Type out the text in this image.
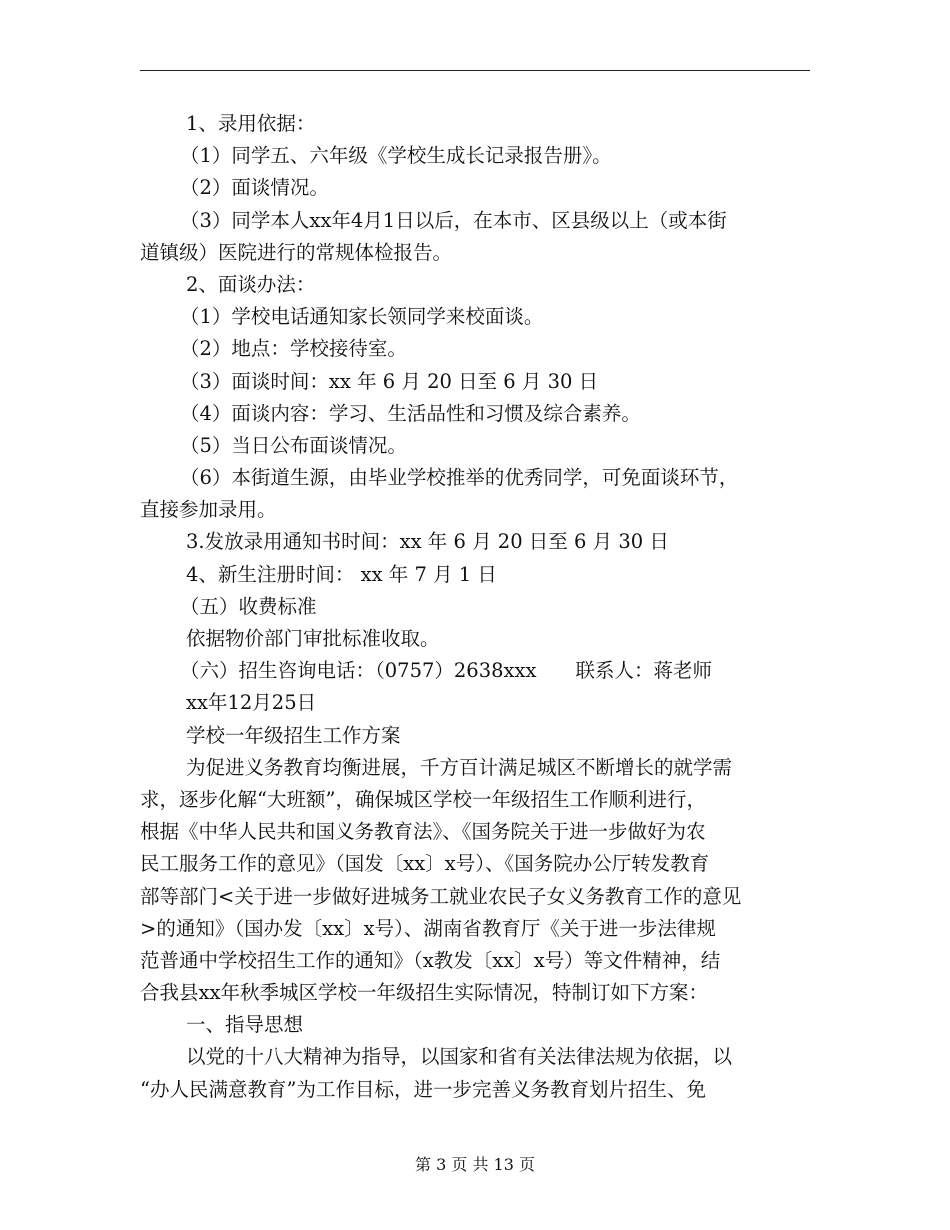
1、录用依据：
（1）同学五、六年级《学校生成长记录报告册》。
（2）面谈情况。
（3）同学本人xx年4月1日以后，在本市、区县级以上（或本街
道镇级）医院进行的常规体检报告。
2、面谈办法：
（1）学校电话通知家长领同学来校面谈。
（2）地点：学校接待室。
（3）面谈时间：xx 年 6 月 20 日至 6 月 30 日
（4）面谈内容：学习、生活品性和习惯及综合素养。
（5）当日公布面谈情况。
（6）本街道生源，由毕业学校推举的优秀同学，可免面谈环节，
直接参加录用。
3.发放录用通知书时间：xx 年 6 月 20 日至 6 月 30 日
4、新生注册时间： xx 年 7 月 1 日
（五）收费标准
依据物价部门审批标准收取。
（六）招生咨询电话：（0757）2638xxx　　联系人：蒋老师
xx年12月25日
学校一年级招生工作方案
为促进义务教育均衡进展，千方百计满足城区不断增长的就学需
求，逐步化解“大班额”，确保城区学校一年级招生工作顺利进行，
根据《中华人民共和国义务教育法》、《国务院关于进一步做好为农
民工服务工作的意见》（国发〔xx〕x号）、《国务院办公厅转发教育
部等部门<关于进一步做好进城务工就业农民子女义务教育工作的意见
>的通知》（国办发〔xx〕x号）、湖南省教育厅《关于进一步法律规
范普通中学校招生工作的通知》（x教发〔xx〕x号）等文件精神，结
合我县xx年秋季城区学校一年级招生实际情况，特制订如下方案：
一、指导思想
以党的十八大精神为指导，以国家和省有关法律法规为依据，以
“办人民满意教育”为工作目标，进一步完善义务教育划片招生、免
第 3 页 共 13 页
